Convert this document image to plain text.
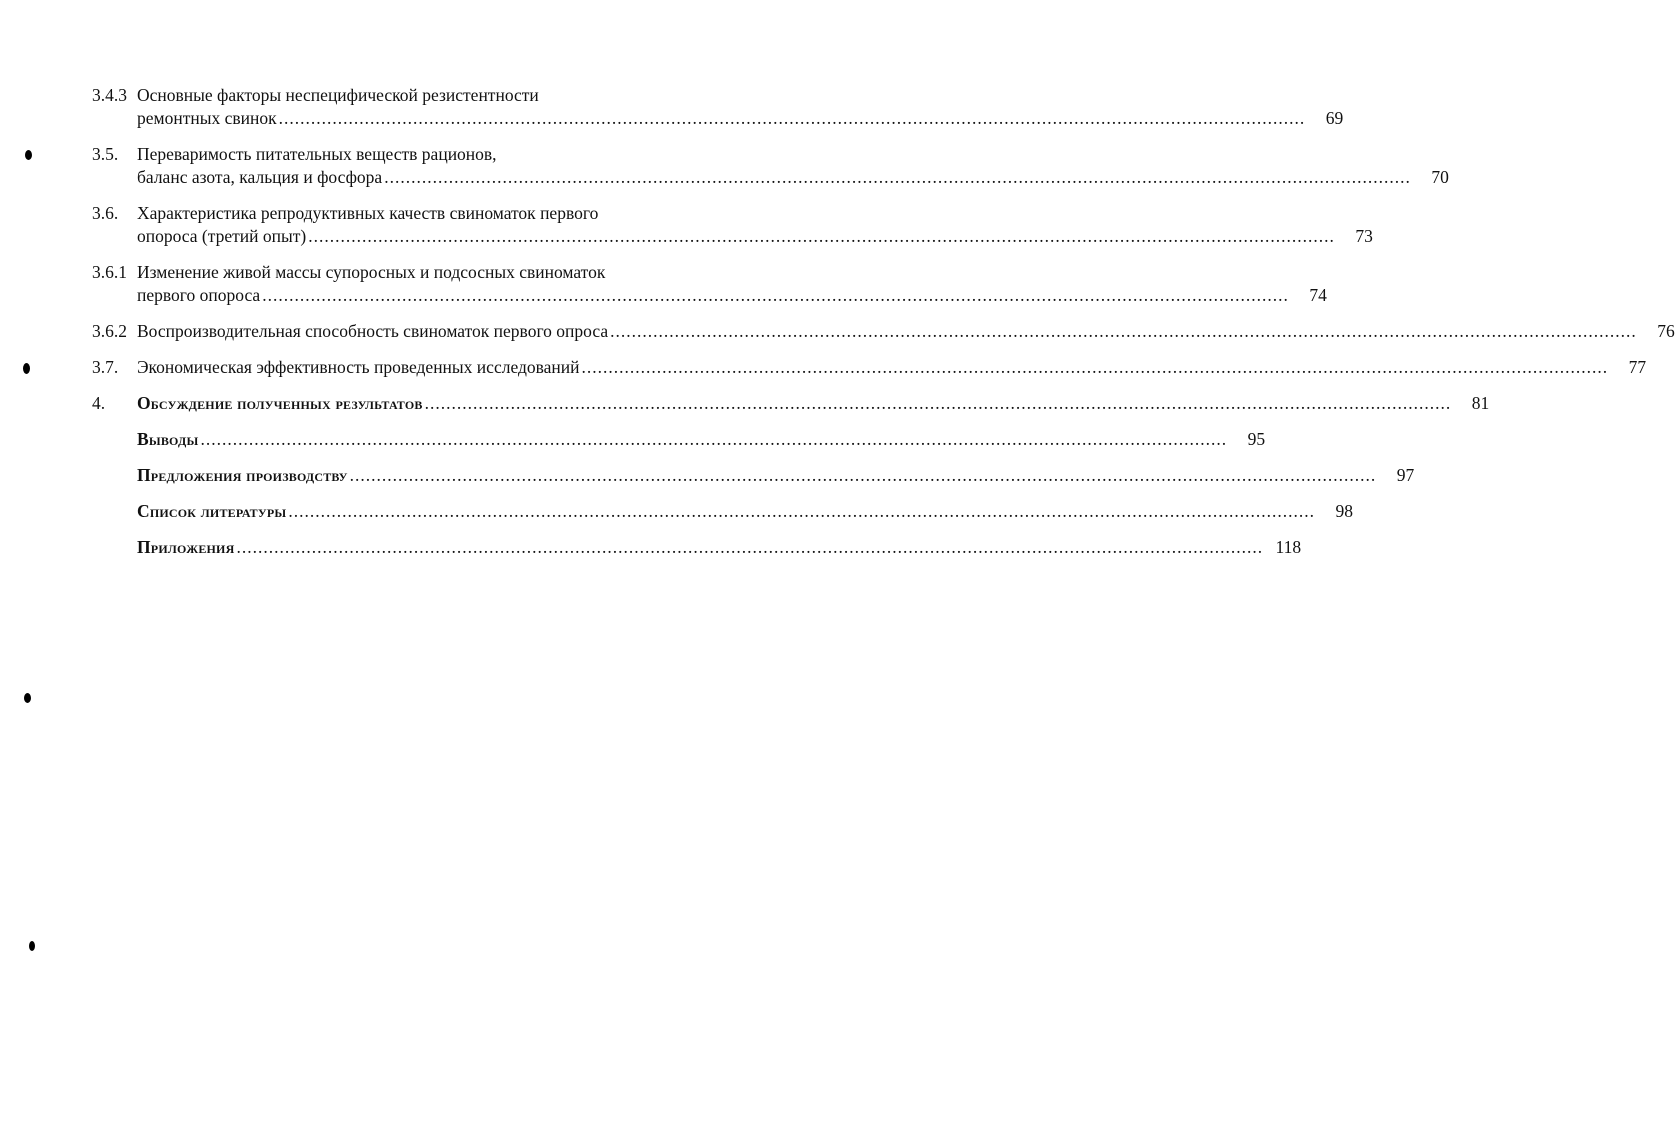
3.4.3 Основные факторы неспецифической резистентности
ремонтных свинок ...............................................................................................................................................................................................	69
3.5. Переваримость питательных веществ рационов,
баланс азота, кальция и фосфора ...............................................................................................................................................................................................	70
3.6. Характеристика репродуктивных качеств свиноматок первого
опороса (третий опыт) ...............................................................................................................................................................................................	73
3.6.1 Изменение живой массы супоросных и подсосных свиноматок
первого опороса ...............................................................................................................................................................................................	74
3.6.2 Воспроизводительная способность свиноматок первого опроса ...............................................................................................................................................................................................	76
3.7. Экономическая эффективность проведенных исследований ...............................................................................................................................................................................................	77
4. Обсуждение полученных результатов ...............................................................................................................................................................................................	81
Выводы ...............................................................................................................................................................................................	95
Предложения производству ...............................................................................................................................................................................................	97
Список литературы ...............................................................................................................................................................................................	98
Приложения ............................................................................................................................................................................................... 118
